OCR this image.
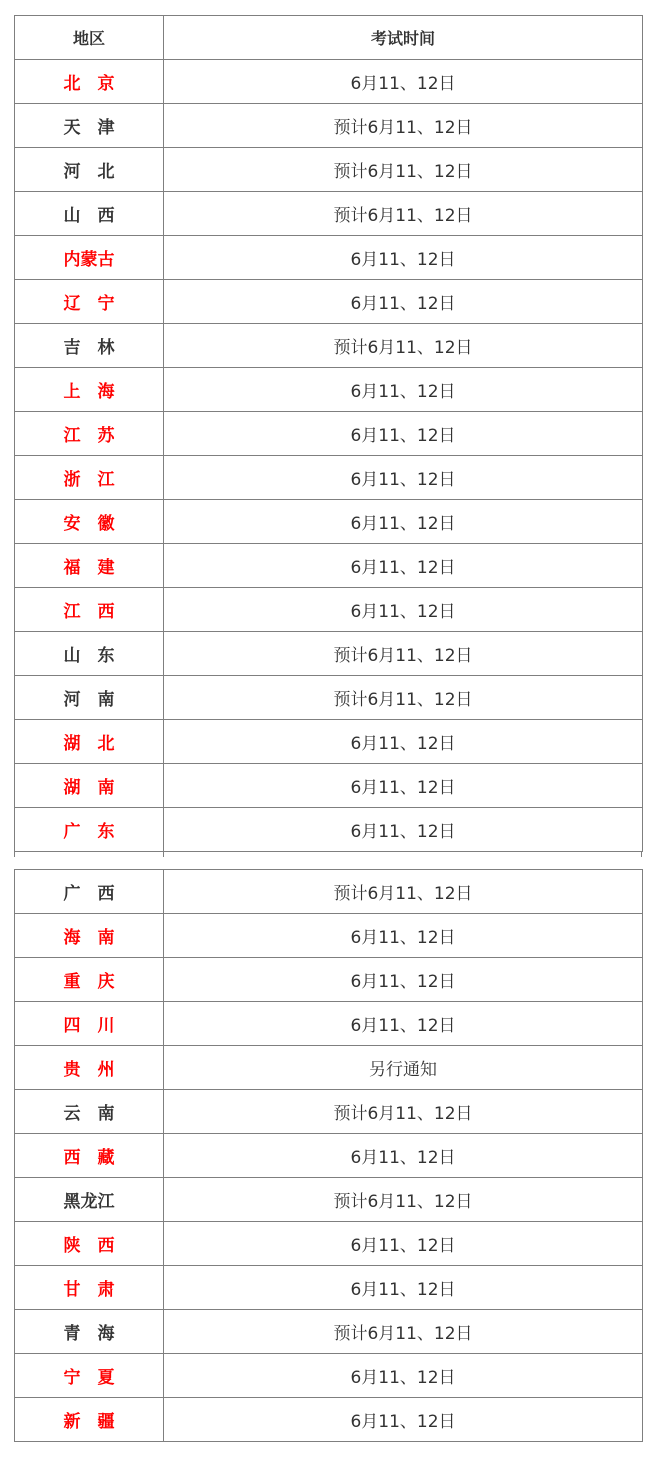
地区	考试时间
北　京	6月11、12日
天　津	预计6月11、12日
河　北	预计6月11、12日
山　西	预计6月11、12日
内蒙古	6月11、12日
辽　宁	6月11、12日
吉　林	预计6月11、12日
上　海	6月11、12日
江　苏	6月11、12日
浙　江	6月11、12日
安　徽	6月11、12日
福　建	6月11、12日
江　西	6月11、12日
山　东	预计6月11、12日
河　南	预计6月11、12日
湖　北	6月11、12日
湖　南	6月11、12日
广　东	6月11、12日
广　西	预计6月11、12日
海　南	6月11、12日
重　庆	6月11、12日
四　川	6月11、12日
贵　州	另行通知
云　南	预计6月11、12日
西　藏	6月11、12日
黑龙江	预计6月11、12日
陕　西	6月11、12日
甘　肃	6月11、12日
青　海	预计6月11、12日
宁　夏	6月11、12日
新　疆	6月11、12日
